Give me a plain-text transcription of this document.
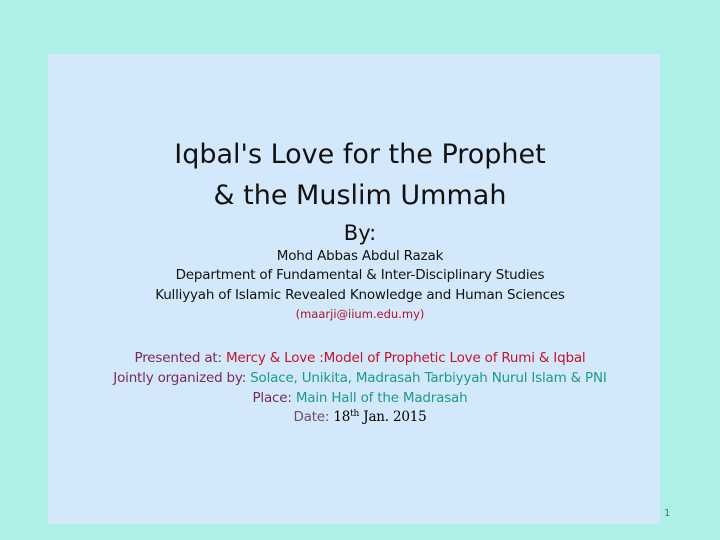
Iqbal's Love for the Prophet
& the Muslim Ummah
By:
Mohd Abbas Abdul Razak
Department of Fundamental & Inter-Disciplinary Studies
Kulliyyah of Islamic Revealed Knowledge and Human Sciences
(maarji@iium.edu.my)
Presented at: Mercy & Love :Model of Prophetic Love of Rumi & Iqbal
Jointly organized by: Solace, Unikita, Madrasah Tarbiyyah Nurul Islam & PNI
Place: Main Hall of the Madrasah
Date: 18th Jan. 2015
1
